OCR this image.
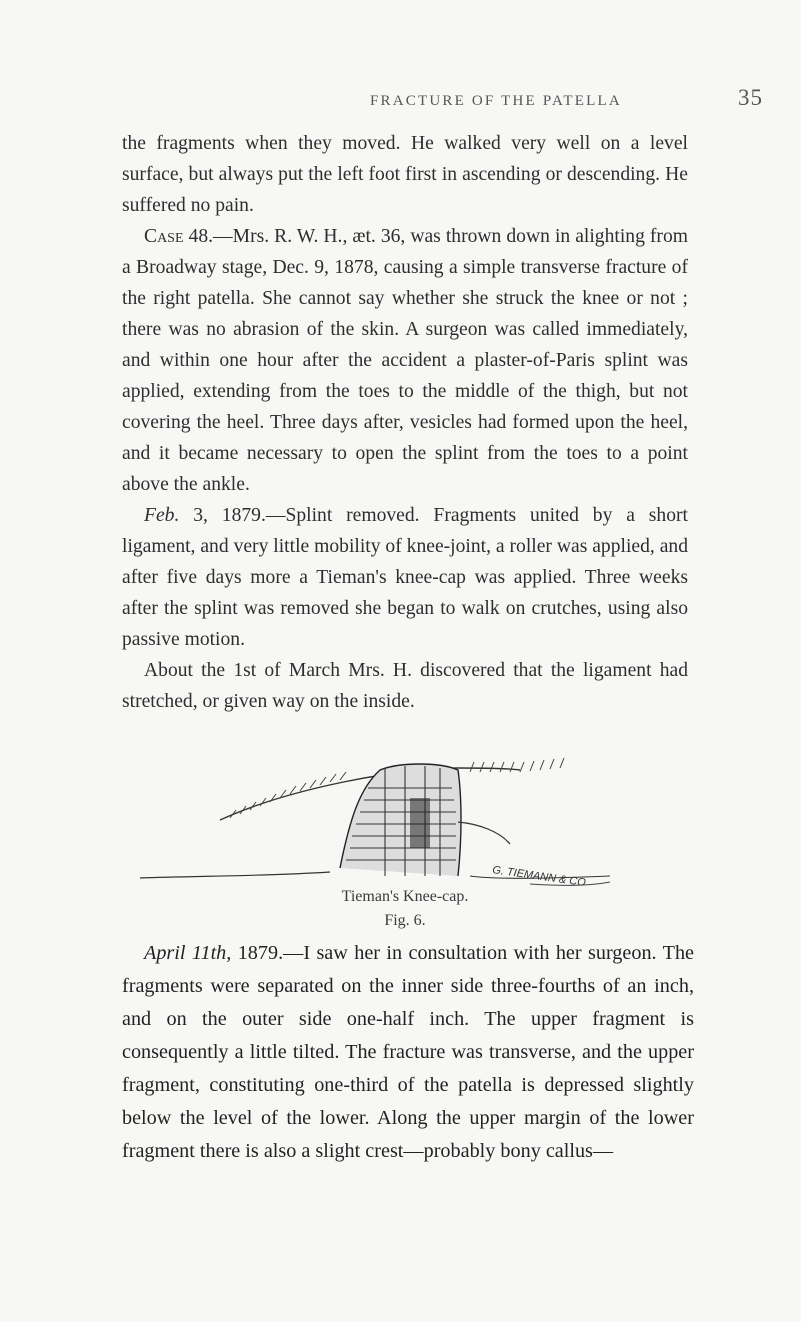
FRACTURE OF THE PATELLA	35

the fragments when they moved. He walked very well on a level surface, but always put the left foot first in ascending or descending. He suffered no pain.

Case 48.—Mrs. R. W. H., æt. 36, was thrown down in alighting from a Broadway stage, Dec. 9, 1878, causing a simple transverse fracture of the right patella. She cannot say whether she struck the knee or not ; there was no abrasion of the skin. A surgeon was called immediately, and within one hour after the accident a plaster-of-Paris splint was applied, extending from the toes to the middle of the thigh, but not covering the heel. Three days after, vesicles had formed upon the heel, and it became necessary to open the splint from the toes to a point above the ankle.

Feb. 3, 1879.—Splint removed. Fragments united by a short ligament, and very little mobility of knee-joint, a roller was applied, and after five days more a Tieman's knee-cap was applied. Three weeks after the splint was removed she began to walk on crutches, using also passive motion.

About the 1st of March Mrs. H. discovered that the ligament had stretched, or given way on the inside.

G. TIEMANN & CO
Tieman's Knee-cap.
Fig. 6.

April 11th, 1879.—I saw her in consultation with her surgeon. The fragments were separated on the inner side three-fourths of an inch, and on the outer side one-half inch. The upper fragment is consequently a little tilted. The fracture was transverse, and the upper fragment, constituting one-third of the patella is depressed slightly below the level of the lower. Along the upper margin of the lower fragment there is also a slight crest—probably bony callus—
